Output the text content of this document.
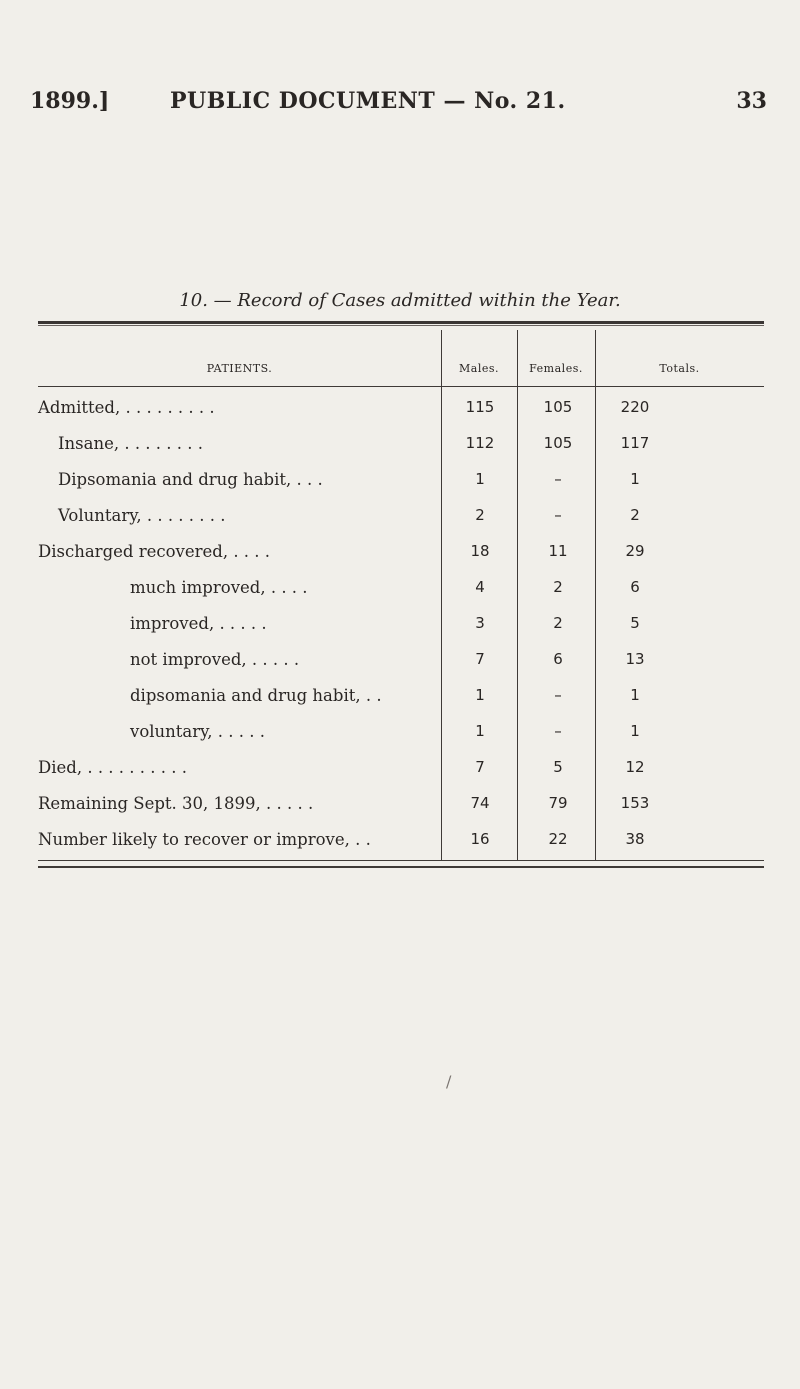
1899.]	PUBLIC DOCUMENT — No. 21.	33
10. — Record of Cases admitted within the Year.
PATIENTS.	Males.	Females.	Totals.
Admitted, . . . . . . . . .	115	105	220
Insane, . . . . . . . .	112	105	117
Dipsomania and drug habit, . . .	1	–	1
Voluntary, . . . . . . . .	2	–	2
Discharged recovered, . . . .	18	11	29
much improved, . . . .	4	2	6
improved, . . . . .	3	2	5
not improved, . . . . .	7	6	13
dipsomania and drug habit, . .	1	–	1
voluntary, . . . . .	1	–	1
Died, . . . . . . . . . .	7	5	12
Remaining Sept. 30, 1899, . . . . .	74	79	153
Number likely to recover or improve, . .	16	22	38
/
